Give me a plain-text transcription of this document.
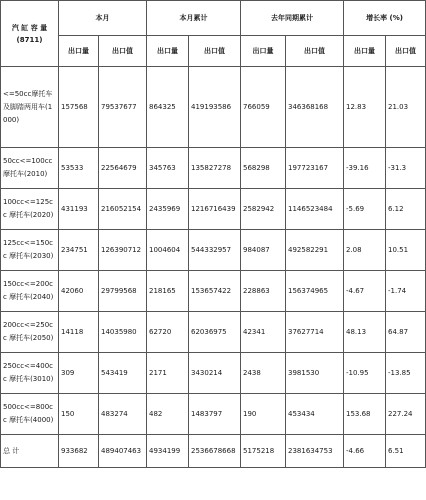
汽 缸 容 量
(8711)	本月		本月累计		去年同期累计		增长率 (%)	
	出口量	出口值	出口量	出口值	出口量	出口值	出口量	出口值
<=50cc摩托车及脚踏两用车(1000)	157568	79537677	864325	419193586	766059	346368168	12.83	21.03
50cc<=100cc 摩托车(2010)	53533	22564679	345763	135827278	568298	197723167	-39.16	-31.3
100cc<=125cc 摩托车(2020)	431193	216052154	2435969	1216716439	2582942	1146523484	-5.69	6.12
125cc<=150cc 摩托车(2030)	234751	126390712	1004604	544332957	984087	492582291	2.08	10.51
150cc<=200cc 摩托车(2040)	42060	29799568	218165	153657422	228863	156374965	-4.67	-1.74
200cc<=250cc 摩托车(2050)	14118	14035980	62720	62036975	42341	37627714	48.13	64.87
250cc<=400cc 摩托车(3010)	309	543419	2171	3430214	2438	3981530	-10.95	-13.85
500cc<=800cc 摩托车(4000)	150	483274	482	1483797	190	453434	153.68	227.24
总 计	933682	489407463	4934199	2536678668	5175218	2381634753	-4.66	6.51
